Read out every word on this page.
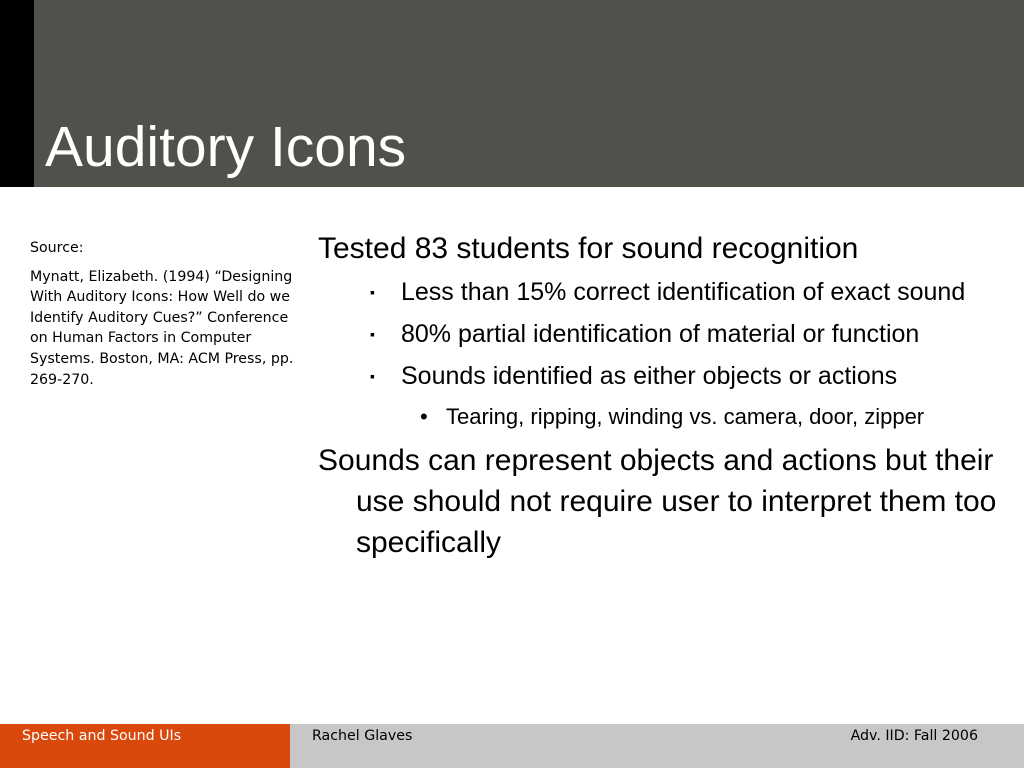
Auditory Icons

Source:

Mynatt, Elizabeth. (1994) “Designing With Auditory Icons: How Well do we Identify Auditory Cues?” Conference on Human Factors in Computer Systems. Boston, MA: ACM Press, pp. 269-270.

Tested 83 students for sound recognition

▪ Less than 15% correct identification of exact sound
▪ 80% partial identification of material or function
▪ Sounds identified as either objects or actions
• Tearing, ripping, winding vs. camera, door, zipper

Sounds can represent objects and actions but their use should not require user to interpret them too specifically

Speech and Sound UIs	Rachel Glaves	Adv. IID: Fall 2006
